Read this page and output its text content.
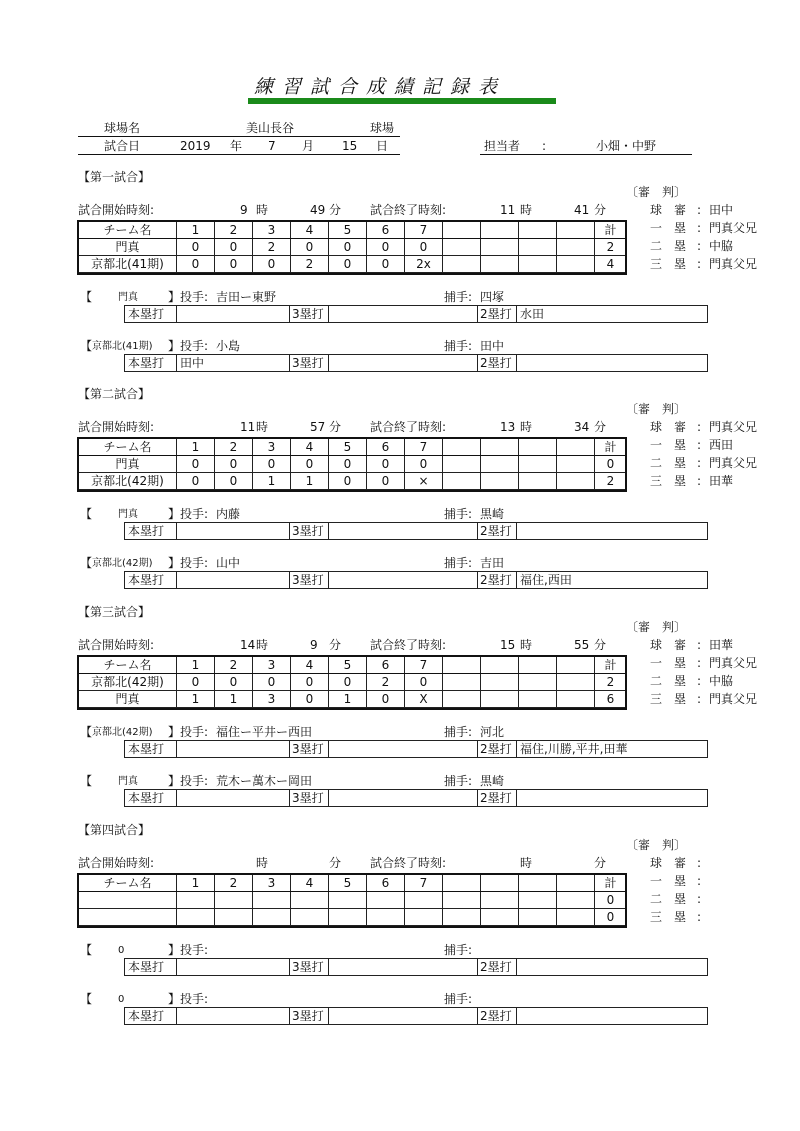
練習試合成績記録表
球場名	美山長谷	球場
試合日	2019 年 7 月 15 日	担当者 :	小畑・中野
【第一試合】
〔審　判〕
試合開始時刻:	9 時	49 分 試合終了時刻:	11 時	41 分	球　審 : 田中
一　塁 : 門真父兄
二　塁 : 中脇
三　塁 : 門真父兄
チーム名	1	2	3	4	5	6	7					計
門真	0	0	2	0	0	0	0					2
京都北(41期)	0	0	0	2	0	0	2x					4
【	門真	】 投手: 吉田ー東野	捕手: 四塚
本塁打	3塁打	2塁打 水田
【 京都北(41期) 】 投手: 小島	捕手: 田中
本塁打 田中	3塁打	2塁打
【第二試合】
〔審　判〕
試合開始時刻:	11 時	57 分 試合終了時刻:	13 時	34 分	球　審 : 門真父兄
一　塁 : 西田
二　塁 : 門真父兄
三　塁 : 田華
チーム名	1	2	3	4	5	6	7					計
門真	0	0	0	0	0	0	0					0
京都北(42期)	0	0	1	1	0	0	×					2
【	門真	】 投手: 内藤	捕手: 黒崎
本塁打	3塁打	2塁打
【 京都北(42期) 】 投手: 山中	捕手: 吉田
本塁打	3塁打	2塁打 福住,西田
【第三試合】
〔審　判〕
試合開始時刻:	14 時	9 分 試合終了時刻:	15 時	55 分	球　審 : 田華
一　塁 : 門真父兄
二　塁 : 中脇
三　塁 : 門真父兄
チーム名	1	2	3	4	5	6	7					計
京都北(42期)	0	0	0	0	0	2	0					2
門真	1	1	3	0	1	0	X					6
【 京都北(42期) 】 投手: 福住ー平井ー西田	捕手: 河北
本塁打	3塁打	2塁打 福住,川勝,平井,田華
【	門真	】 投手: 荒木ー萬木ー岡田	捕手: 黒崎
本塁打	3塁打	2塁打
【第四試合】
〔審　判〕
試合開始時刻:	時	分 試合終了時刻:	時	分	球　審 :
一　塁 :
二　塁 :
三　塁 :
チーム名	1	2	3	4	5	6	7					計
												0
												0
【	0	】 投手:	捕手:
本塁打	3塁打	2塁打
【	0	】 投手:	捕手:
本塁打	3塁打	2塁打
